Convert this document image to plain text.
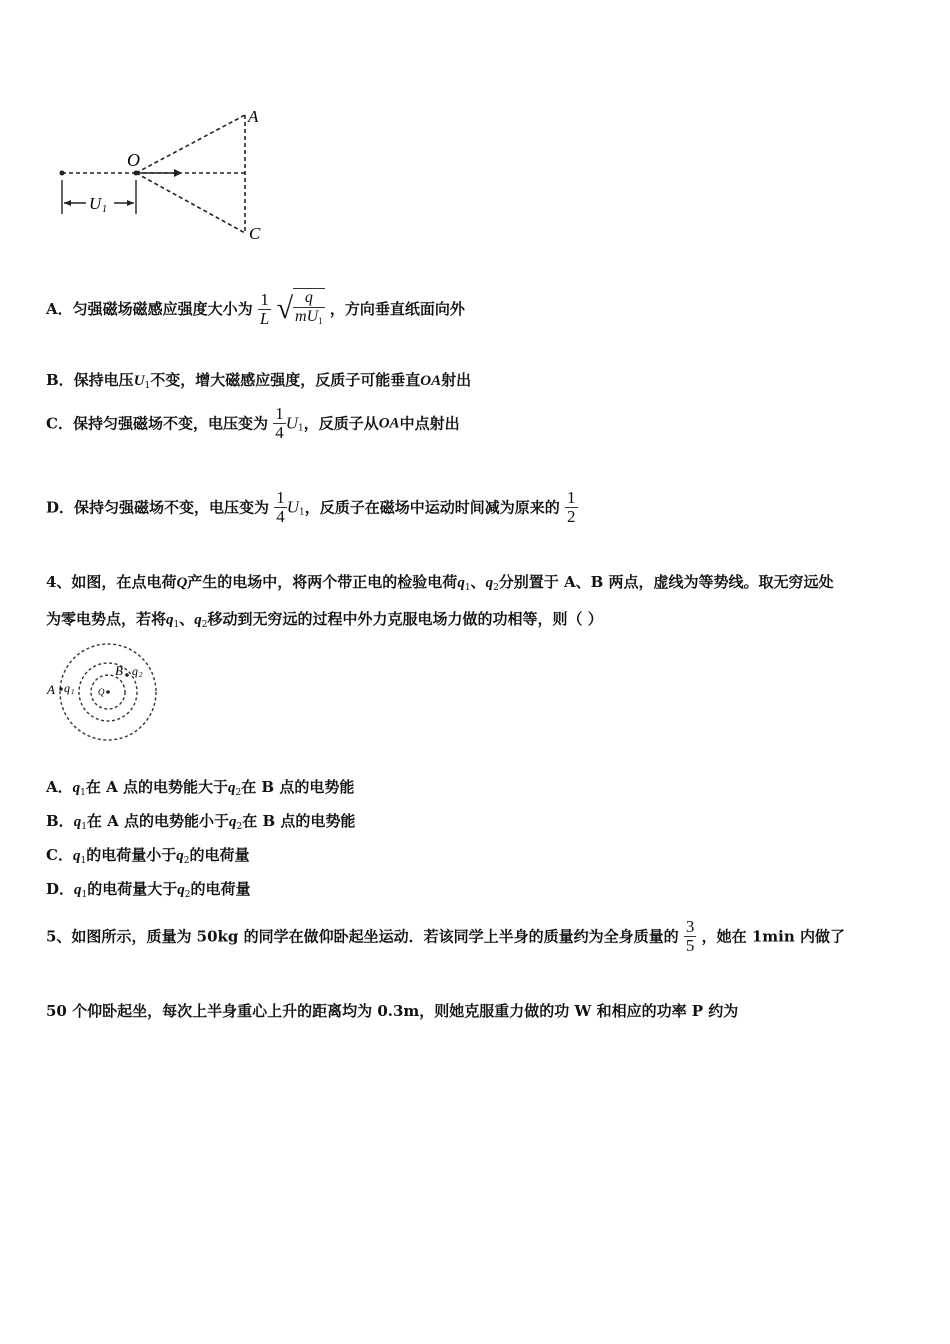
A
O
C
U 1
A．匀强磁场磁感应强度大小为 $\frac{1}{L}$ √ $\frac{q}{mU_1}$ ，方向垂直纸面向外
B．保持电压$U_1$不变，增大磁感应强度，反质子可能垂直OA射出
C．保持匀强磁场不变，电压变为 $\frac{1}{4} U_1$，反质子从OA中点射出
D．保持匀强磁场不变，电压变为 $\frac{1}{4} U_1$，反质子在磁场中运动时间减为原来的 $\frac{1}{2}$
4、如图，在点电荷Q产生的电场中，将两个带正电的检验电荷$q_1$、$q_2$分别置于 A、B 两点，虚线为等势线。取无穷远处
为零电势点，若将$q_1$、$q_2$移动到无穷远的过程中外力克服电场力做的功相等，则（ ）
Q
A q 1
B q 2
A．$q_1$在 A 点的电势能大于$q_2$在 B 点的电势能
B．$q_1$在 A 点的电势能小于$q_2$在 B 点的电势能
C．$q_1$的电荷量小于$q_2$的电荷量
D．$q_1$的电荷量大于$q_2$的电荷量
5、如图所示，质量为 50kg 的同学在做仰卧起坐运动．若该同学上半身的质量约为全身质量的 $\frac{3}{5}$ ，她在 1min 内做了
50 个仰卧起坐，每次上半身重心上升的距离均为 0.3m，则她克服重力做的功 W 和相应的功率 P 约为
